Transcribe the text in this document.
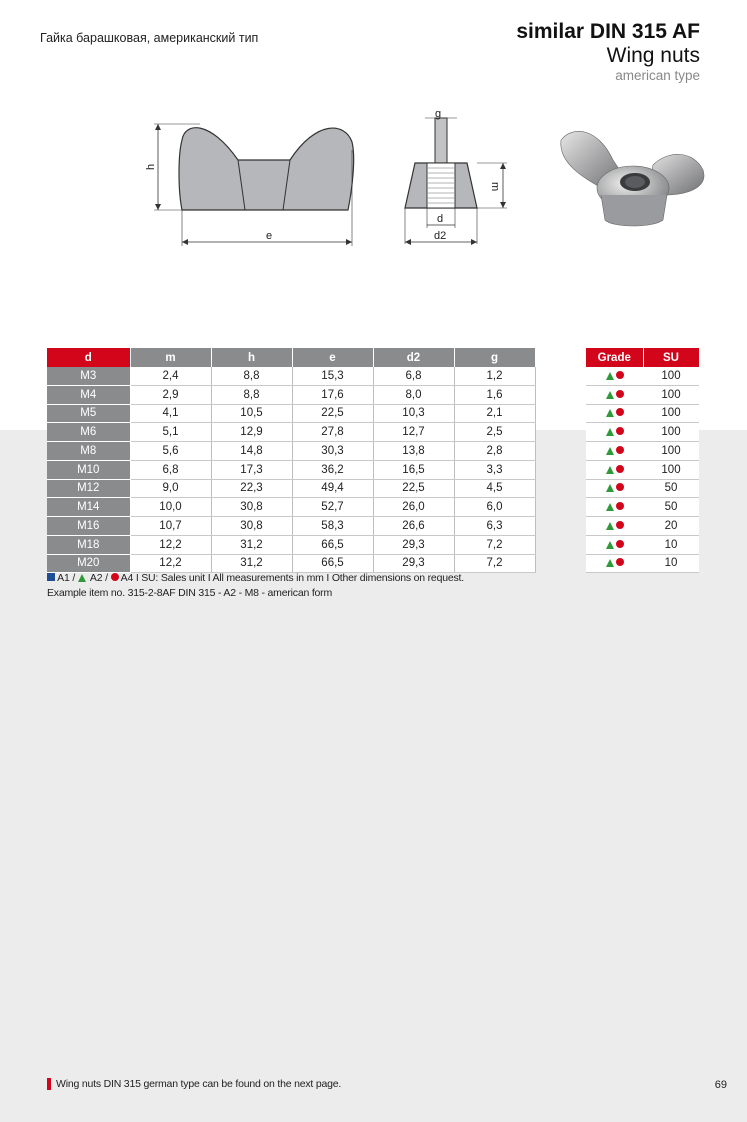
Гайка барашковая, американский тип	similar DIN 315 AF
Wing nuts
american type
h
e
g
m
d
d2
d	m	h	e	d2	g
M3	2,4	8,8	15,3	6,8	1,2
M4	2,9	8,8	17,6	8,0	1,6
M5	4,1	10,5	22,5	10,3	2,1
M6	5,1	12,9	27,8	12,7	2,5
M8	5,6	14,8	30,3	13,8	2,8
M10	6,8	17,3	36,2	16,5	3,3
M12	9,0	22,3	49,4	22,5	4,5
M14	10,0	30,8	52,7	26,0	6,0
M16	10,7	30,8	58,3	26,6	6,3
M18	12,2	31,2	66,5	29,3	7,2
M20	12,2	31,2	66,5	29,3	7,2
Grade	SU
	100
	100
	100
	100
	100
	100
	50
	50
	20
	10
	10
A1 / A2 / A4 I SU: Sales unit I All measurements in mm I Other dimensions on request.
Example item no. 315-2-8AF DIN 315 - A2 - M8 - american form
Wing nuts DIN 315 german type can be found on the next page.	69
